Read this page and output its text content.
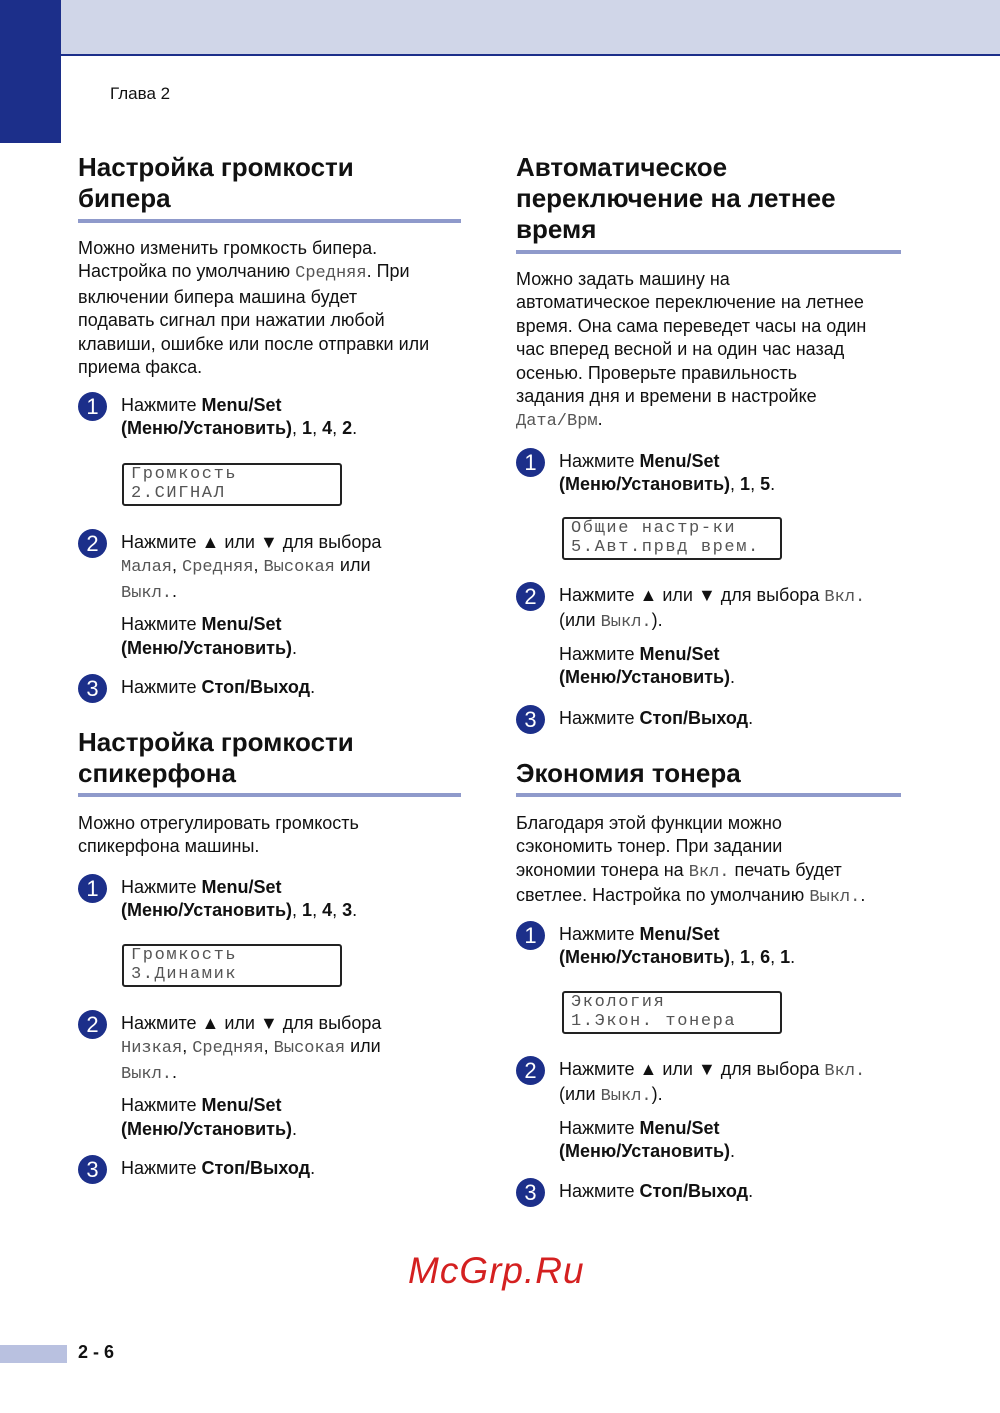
Глава 2
Настройка громкости
бипера
Можно изменить громкость бипера.
Настройка по умолчанию Средняя. При
включении бипера машина будет
подавать сигнал при нажатии любой
клавиши, ошибке или после отправки или
приема факса.
1	Нажмите Menu/Set
(Меню/Установить), 1, 4, 2.
Громкость
2.СИГНАЛ
2	Нажмите ▲ или ▼ для выбора
Малая, Средняя, Высокая или
Выкл..
Нажмите Menu/Set
(Меню/Установить).
3	Нажмите Стоп/Выход.
Настройка громкости
спикерфона
Можно отрегулировать громкость
спикерфона машины.
1	Нажмите Menu/Set
(Меню/Установить), 1, 4, 3.
Громкость
3.Динамик
2	Нажмите ▲ или ▼ для выбора
Низкая, Средняя, Высокая или
Выкл..
Нажмите Menu/Set
(Меню/Установить).
3	Нажмите Стоп/Выход.
Автоматическое
переключение на летнее
время
Можно задать машину на
автоматическое переключение на летнее
время. Она сама переведет часы на один
час вперед весной и на один час назад
осенью. Проверьте правильность
задания дня и времени в настройке
Дата/Врм.
1	Нажмите Menu/Set
(Меню/Установить), 1, 5.
Общие настр-ки
5.Авт.првд врем.
2	Нажмите ▲ или ▼ для выбора Вкл.
(или Выкл.).
Нажмите Menu/Set
(Меню/Установить).
3	Нажмите Стоп/Выход.
Экономия тонера
Благодаря этой функции можно
сэкономить тонер. При задании
экономии тонера на Вкл. печать будет
светлее. Настройка по умолчанию Выкл..
1	Нажмите Menu/Set
(Меню/Установить), 1, 6, 1.
Экология
1.Экон. тонера
2	Нажмите ▲ или ▼ для выбора Вкл.
(или Выкл.).
Нажмите Menu/Set
(Меню/Установить).
3	Нажмите Стоп/Выход.
McGrp.Ru
2 - 6
